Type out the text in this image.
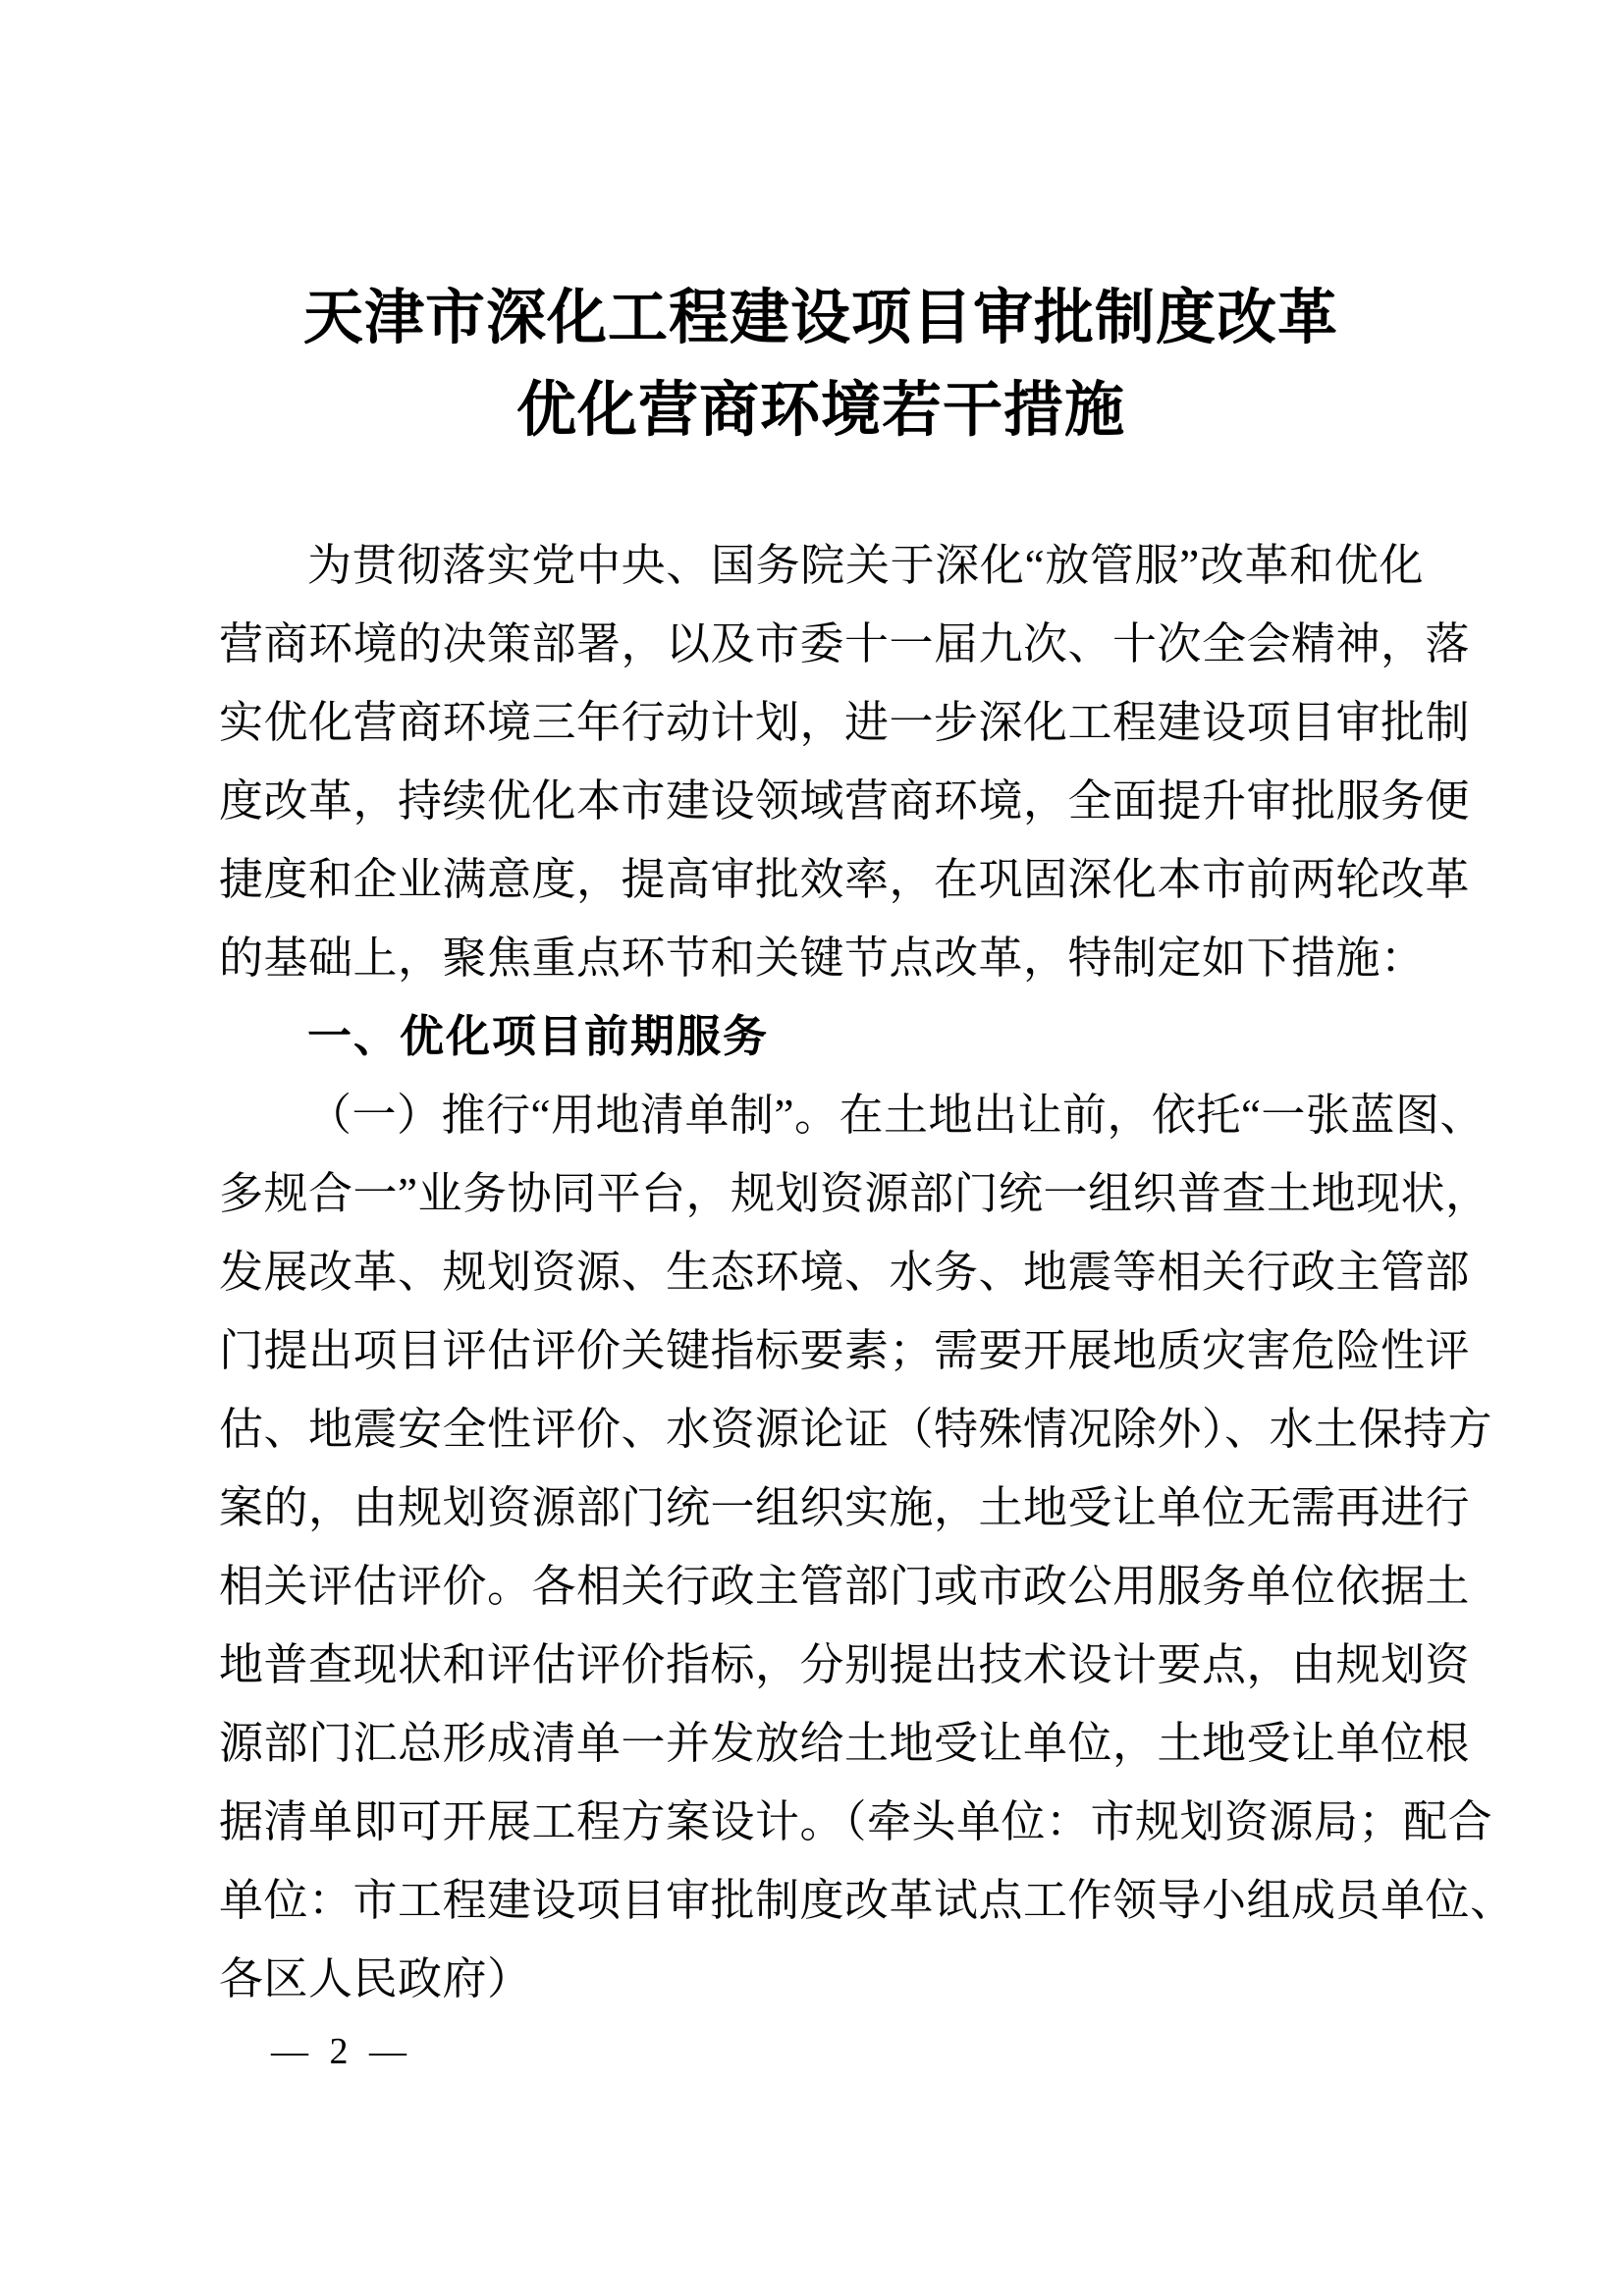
天津市深化工程建设项目审批制度改革
优化营商环境若干措施
为贯彻落实党中央、国务院关于深化“放管服”改革和优化
营商环境的决策部署，以及市委十一届九次、十次全会精神，落
实优化营商环境三年行动计划，进一步深化工程建设项目审批制
度改革，持续优化本市建设领域营商环境，全面提升审批服务便
捷度和企业满意度，提高审批效率，在巩固深化本市前两轮改革
的基础上，聚焦重点环节和关键节点改革，特制定如下措施：
一、优化项目前期服务
（一）推行“用地清单制”。在土地出让前，依托“一张蓝图、
多规合一”业务协同平台，规划资源部门统一组织普查土地现状，
发展改革、规划资源、生态环境、水务、地震等相关行政主管部
门提出项目评估评价关键指标要素；需要开展地质灾害危险性评
估、地震安全性评价、水资源论证（特殊情况除外）、水土保持方
案的，由规划资源部门统一组织实施，土地受让单位无需再进行
相关评估评价。各相关行政主管部门或市政公用服务单位依据土
地普查现状和评估评价指标，分别提出技术设计要点，由规划资
源部门汇总形成清单一并发放给土地受让单位，土地受让单位根
据清单即可开展工程方案设计。（牵头单位：市规划资源局；配合
单位：市工程建设项目审批制度改革试点工作领导小组成员单位、
各区人民政府）
— 2 —
